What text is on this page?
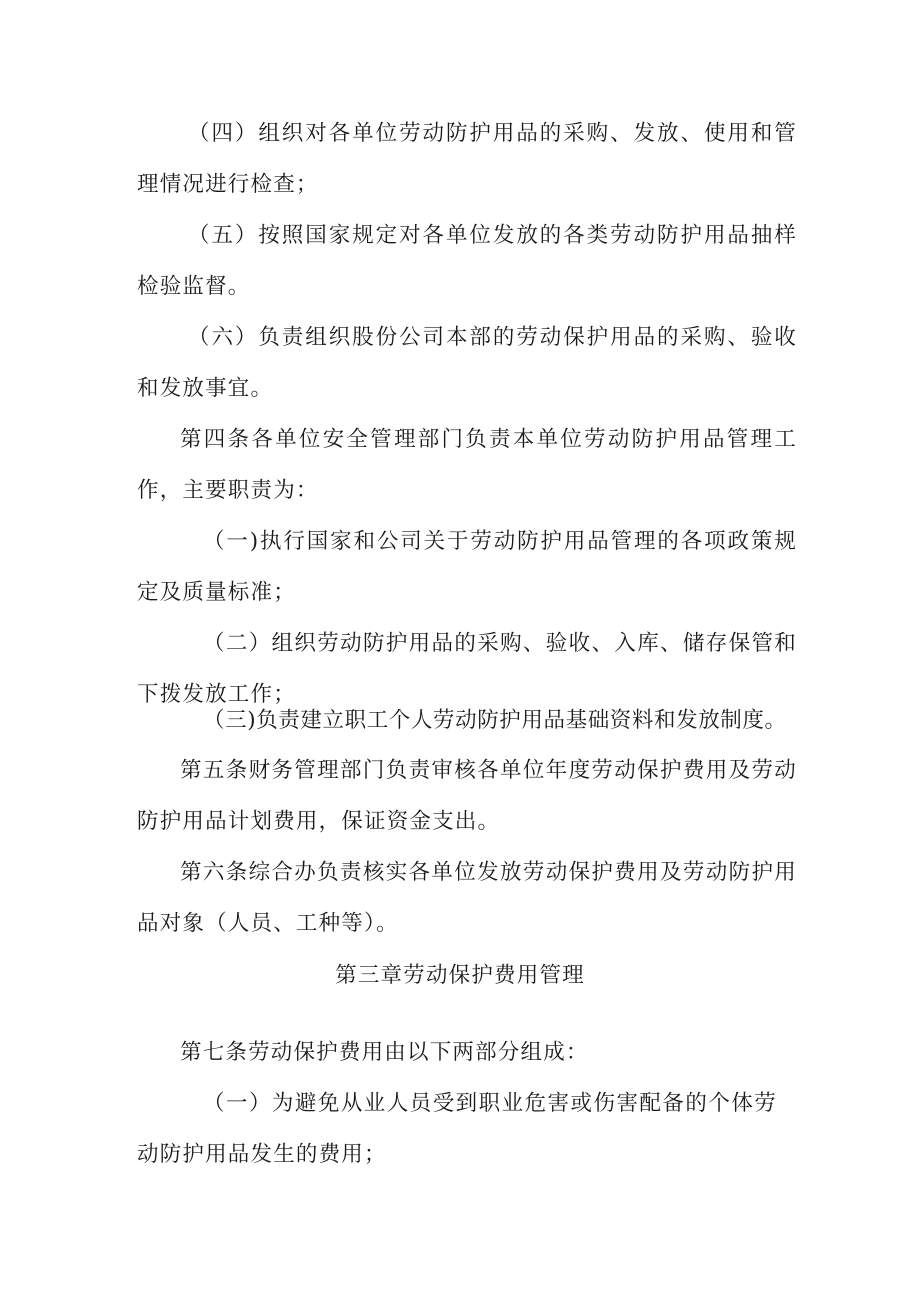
（四）组织对各单位劳动防护用品的采购、发放、使用和管理情况进行检查；

（五）按照国家规定对各单位发放的各类劳动防护用品抽样检验监督。

（六）负责组织股份公司本部的劳动保护用品的采购、验收和发放事宜。

第四条各单位安全管理部门负责本单位劳动防护用品管理工作，主要职责为：

（一)执行国家和公司关于劳动防护用品管理的各项政策规定及质量标准；

（二）组织劳动防护用品的采购、验收、入库、储存保管和下拨发放工作；

（三)负责建立职工个人劳动防护用品基础资料和发放制度。

第五条财务管理部门负责审核各单位年度劳动保护费用及劳动防护用品计划费用，保证资金支出。

第六条综合办负责核实各单位发放劳动保护费用及劳动防护用品对象（人员、工种等）。

第三章劳动保护费用管理

第七条劳动保护费用由以下两部分组成：

（一）为避免从业人员受到职业危害或伤害配备的个体劳动防护用品发生的费用；
